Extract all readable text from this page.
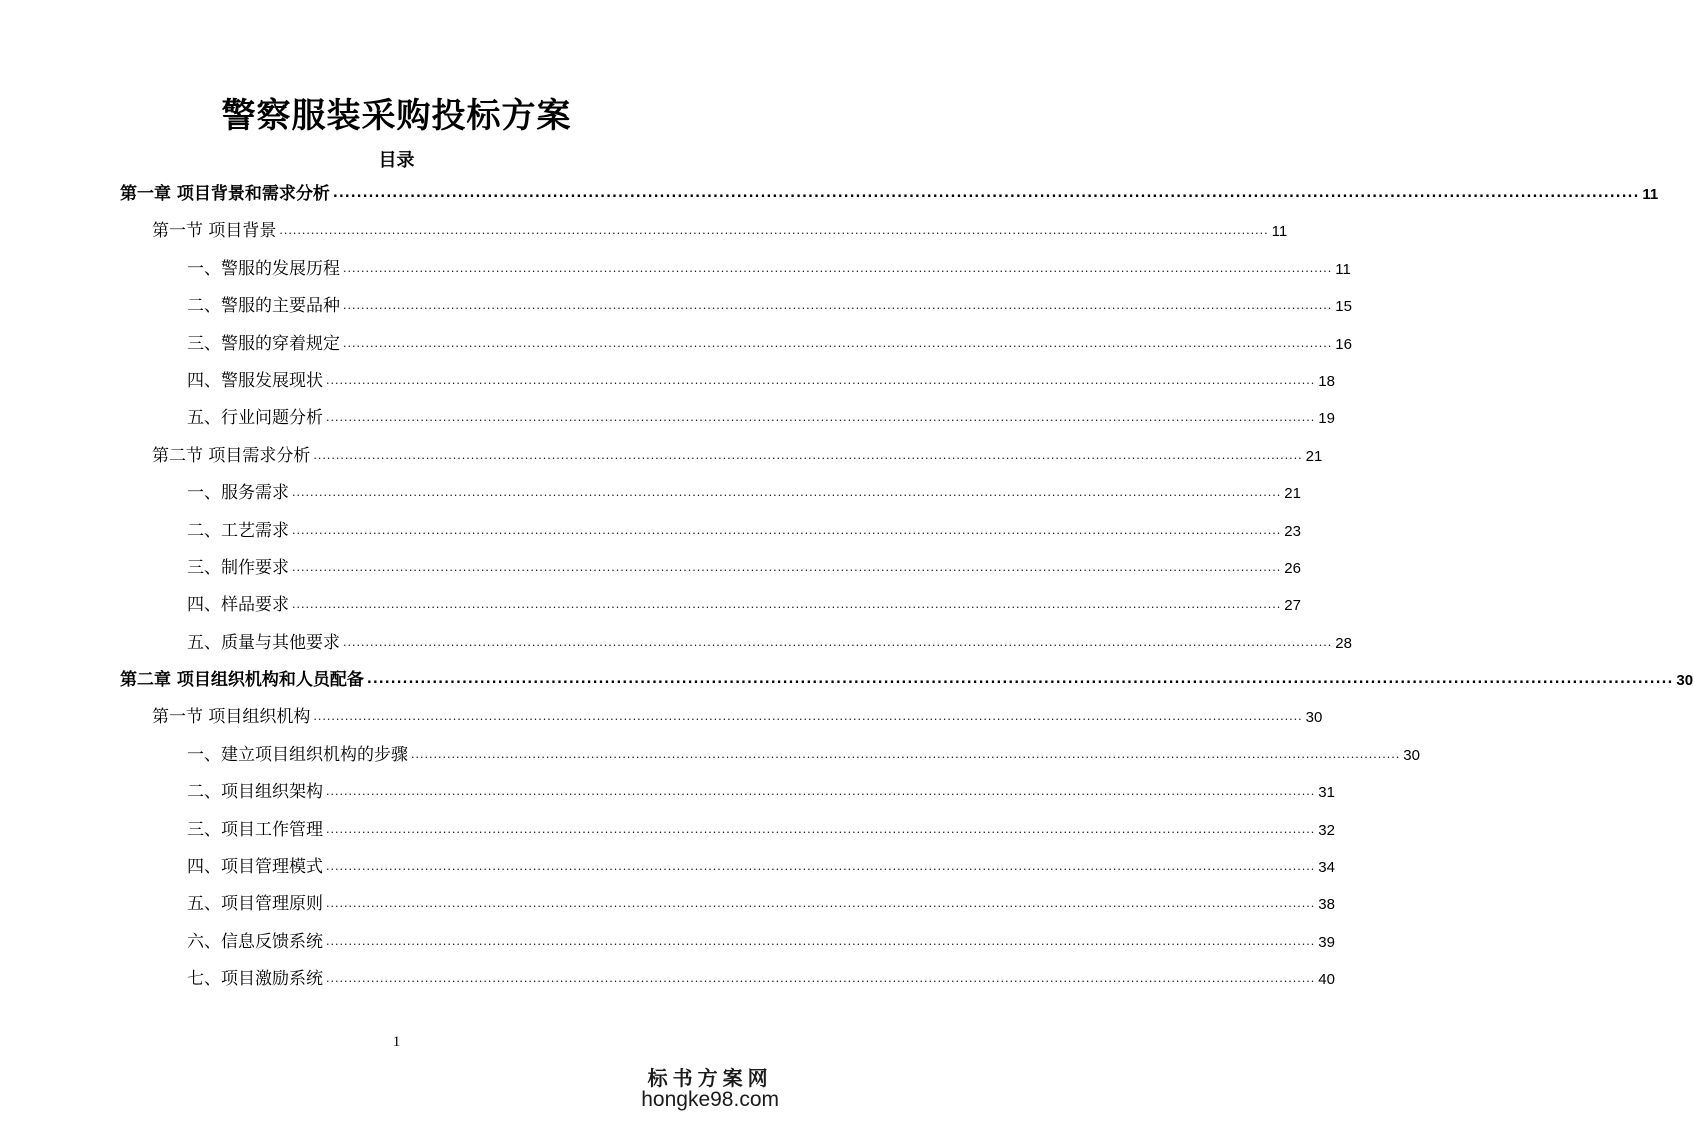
警察服装采购投标方案
目录
第一章 项目背景和需求分析 ............................................................................................................................................................................................................................ 11
第一节 项目背景 ............................................................................................................................................................................................................................ 11
一、警服的发展历程 ............................................................................................................................................................................................................................ 11
二、警服的主要品种 ............................................................................................................................................................................................................................ 15
三、警服的穿着规定 ............................................................................................................................................................................................................................ 16
四、警服发展现状 ............................................................................................................................................................................................................................ 18
五、行业问题分析 ............................................................................................................................................................................................................................ 19
第二节 项目需求分析 ............................................................................................................................................................................................................................ 21
一、服务需求 ............................................................................................................................................................................................................................ 21
二、工艺需求 ............................................................................................................................................................................................................................ 23
三、制作要求 ............................................................................................................................................................................................................................ 26
四、样品要求 ............................................................................................................................................................................................................................ 27
五、质量与其他要求 ............................................................................................................................................................................................................................ 28
第二章 项目组织机构和人员配备 ............................................................................................................................................................................................................................ 30
第一节 项目组织机构 ............................................................................................................................................................................................................................ 30
一、建立项目组织机构的步骤 ............................................................................................................................................................................................................................ 30
二、项目组织架构 ............................................................................................................................................................................................................................ 31
三、项目工作管理 ............................................................................................................................................................................................................................ 32
四、项目管理模式 ............................................................................................................................................................................................................................ 34
五、项目管理原则 ............................................................................................................................................................................................................................ 38
六、信息反馈系统 ............................................................................................................................................................................................................................ 39
七、项目激励系统 ............................................................................................................................................................................................................................ 40
1
标书方案网
hongke98.com
